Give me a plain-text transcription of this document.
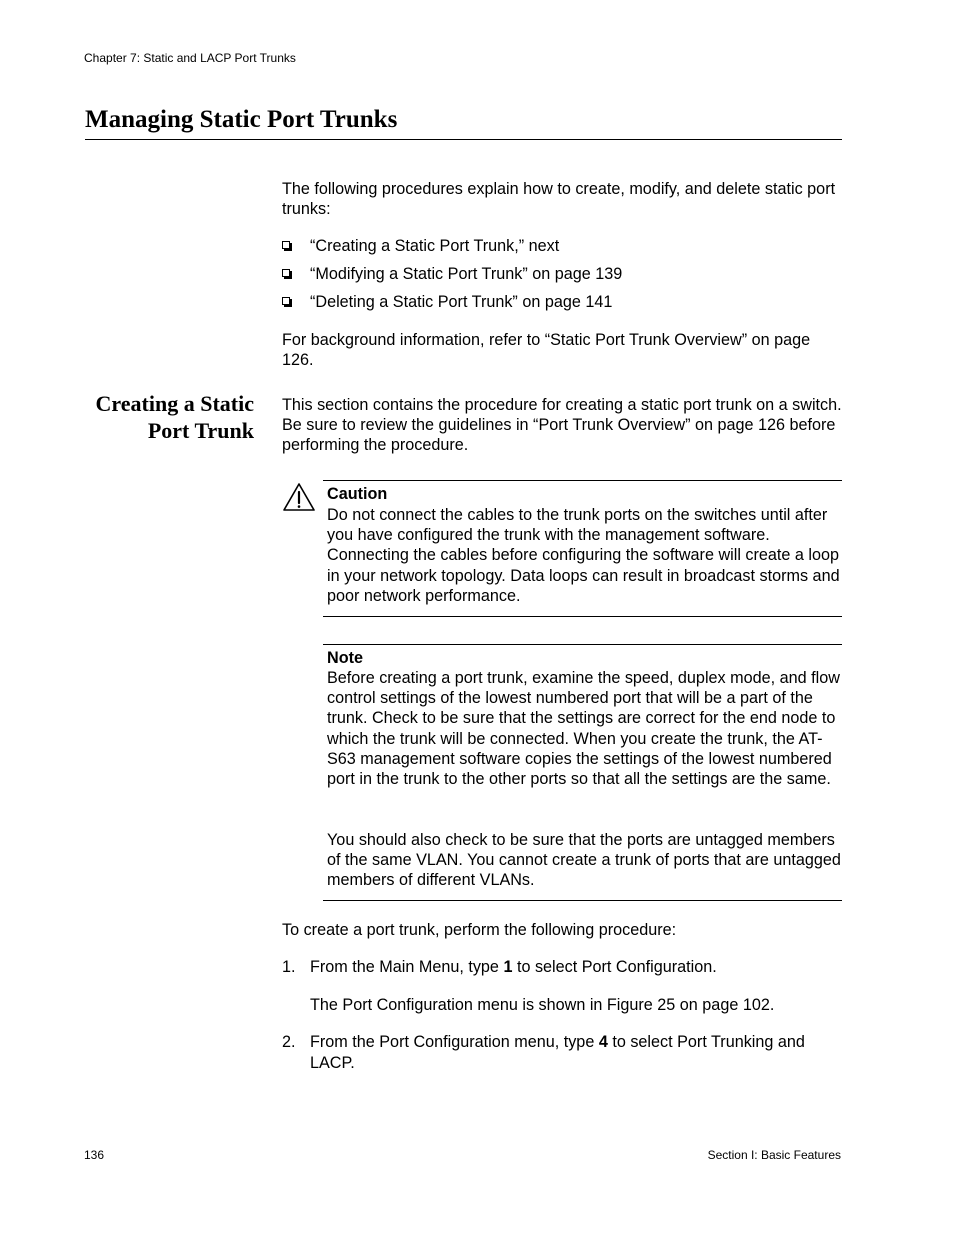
Chapter 7: Static and LACP Port Trunks
Managing Static Port Trunks

The following procedures explain how to create, modify, and delete static port trunks:

“Creating a Static Port Trunk,” next
“Modifying a Static Port Trunk” on page 139
“Deleting a Static Port Trunk” on page 141

For background information, refer to “Static Port Trunk Overview” on page 126.

Creating a Static
Port Trunk

This section contains the procedure for creating a static port trunk on a switch. Be sure to review the guidelines in “Port Trunk Overview” on page 126 before performing the procedure.

Caution

Do not connect the cables to the trunk ports on the switches until after you have configured the trunk with the management software. Connecting the cables before configuring the software will create a loop in your network topology. Data loops can result in broadcast storms and poor network performance.

Note

Before creating a port trunk, examine the speed, duplex mode, and flow control settings of the lowest numbered port that will be a part of the trunk. Check to be sure that the settings are correct for the end node to which the trunk will be connected. When you create the trunk, the AT-S63 management software copies the settings of the lowest numbered port in the trunk to the other ports so that all the settings are the same.

You should also check to be sure that the ports are untagged members of the same VLAN. You cannot create a trunk of ports that are untagged members of different VLANs.

To create a port trunk, perform the following procedure:

1. From the Main Menu, type 1 to select Port Configuration.

The Port Configuration menu is shown in Figure 25 on page 102.

2. From the Port Configuration menu, type 4 to select Port Trunking and LACP.

136	Section I: Basic Features
